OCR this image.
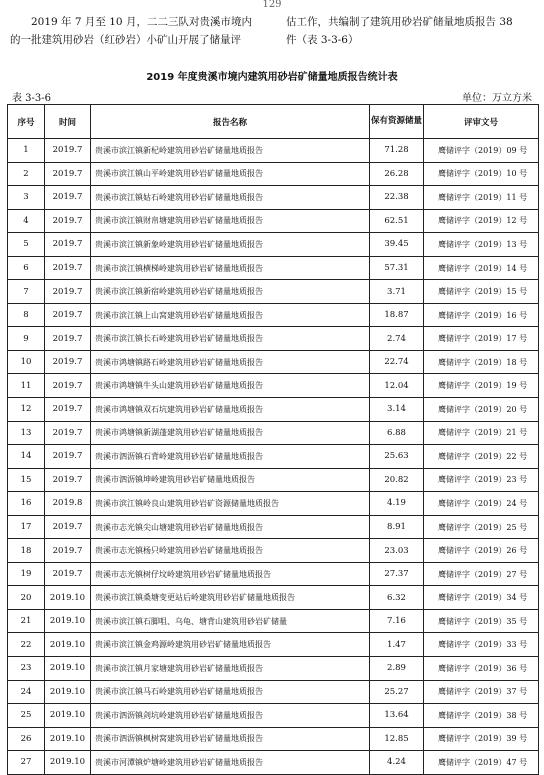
129
2019 年 7 月至 10 月，二二三队对贵溪市境内
的一批建筑用砂岩（红砂岩）小矿山开展了储量评
估工作，共编制了建筑用砂岩矿储量地质报告 38
件（表 3-3-6）
2019 年度贵溪市境内建筑用砂岩矿储量地质报告统计表
表 3-3-6	单位：万立方米
序号	时间	报告名称	保有资源储量	评审文号
1	2019.7	贵溪市滨江镇新杞岭建筑用砂岩矿储量地质报告	71.28	鹰储评字（2019）09 号
2	2019.7	贵溪市滨江镇山平岭建筑用砂岩矿储量地质报告	26.28	鹰储评字（2019）10 号
3	2019.7	贵溪市滨江镇姑石岭建筑用砂岩矿储量地质报告	22.38	鹰储评字（2019）11 号
4	2019.7	贵溪市滨江镇财帛塘建筑用砂岩矿储量地质报告	62.51	鹰储评字（2019）12 号
5	2019.7	贵溪市滨江镇新象岭建筑用砂岩矿储量地质报告	39.45	鹰储评字（2019）13 号
6	2019.7	贵溪市滨江镇横梯岭建筑用砂岩矿储量地质报告	57.31	鹰储评字（2019）14 号
7	2019.7	贵溪市滨江镇新宿岭建筑用砂岩矿储量地质报告	3.71	鹰储评字（2019）15 号
8	2019.7	贵溪市滨江镇上山窝建筑用砂岩矿储量地质报告	18.87	鹰储评字（2019）16 号
9	2019.7	贵溪市滨江镇长石岭建筑用砂岩矿储量地质报告	2.74	鹰储评字（2019）17 号
10	2019.7	贵溪市鸿塘镇路石岭建筑用砂岩矿储量地质报告	22.74	鹰储评字（2019）18 号
11	2019.7	贵溪市鸿塘镇牛头山建筑用砂岩矿储量地质报告	12.04	鹰储评字（2019）19 号
12	2019.7	贵溪市鸿塘镇双石坑建筑用砂岩矿储量地质报告	3.14	鹰储评字（2019）20 号
13	2019.7	贵溪市鸿塘镇新湖蓬建筑用砂岩矿储量地质报告	6.88	鹰储评字（2019）21 号
14	2019.7	贵溪市泗沥镇石背岭建筑用砂岩矿储量地质报告	25.63	鹰储评字（2019）22 号
15	2019.7	贵溪市泗沥镇坤岭建筑用砂岩矿储量地质报告	20.82	鹰储评字（2019）23 号
16	2019.8	贵溪市滨江镇岭良山建筑用砂岩矿资源储量地质报告	4.19	鹰储评字（2019）24 号
17	2019.7	贵溪市志光镇尖山塘建筑用砂岩矿储量地质报告	8.91	鹰储评字（2019）25 号
18	2019.7	贵溪市志光镇杨只岭建筑用砂岩矿储量地质报告	23.03	鹰储评字（2019）26 号
19	2019.7	贵溪市志光镇树仔坟岭建筑用砂岩矿储量地质报告	27.37	鹰储评字（2019）27 号
20	2019.10	贵溪市滨江镇桑塘变更站后岭建筑用砂岩矿储量地质报告	6.32	鹰储评字（2019）34 号
21	2019.10	贵溪市滨江镇石脚咀、乌龟、塘背山建筑用砂岩矿储量	7.16	鹰储评字（2019）35 号
22	2019.10	贵溪市滨江镇金鸡源岭建筑用砂岩矿储量地质报告	1.47	鹰储评字（2019）33 号
23	2019.10	贵溪市滨江镇月家塘建筑用砂岩矿储量地质报告	2.89	鹰储评字（2019）36 号
24	2019.10	贵溪市滨江镇马石岭建筑用砂岩矿储量地质报告	25.27	鹰储评字（2019）37 号
25	2019.10	贵溪市泗沥镇剑坑岭建筑用砂岩矿储量地质报告	13.64	鹰储评字（2019）38 号
26	2019.10	贵溪市泗沥镇枫树窝建筑用砂岩矿储量地质报告	12.85	鹰储评字（2019）39 号
27	2019.10	贵溪市河潭镇炉塘岭建筑用砂岩矿储量地质报告	4.24	鹰储评字（2019）47 号
